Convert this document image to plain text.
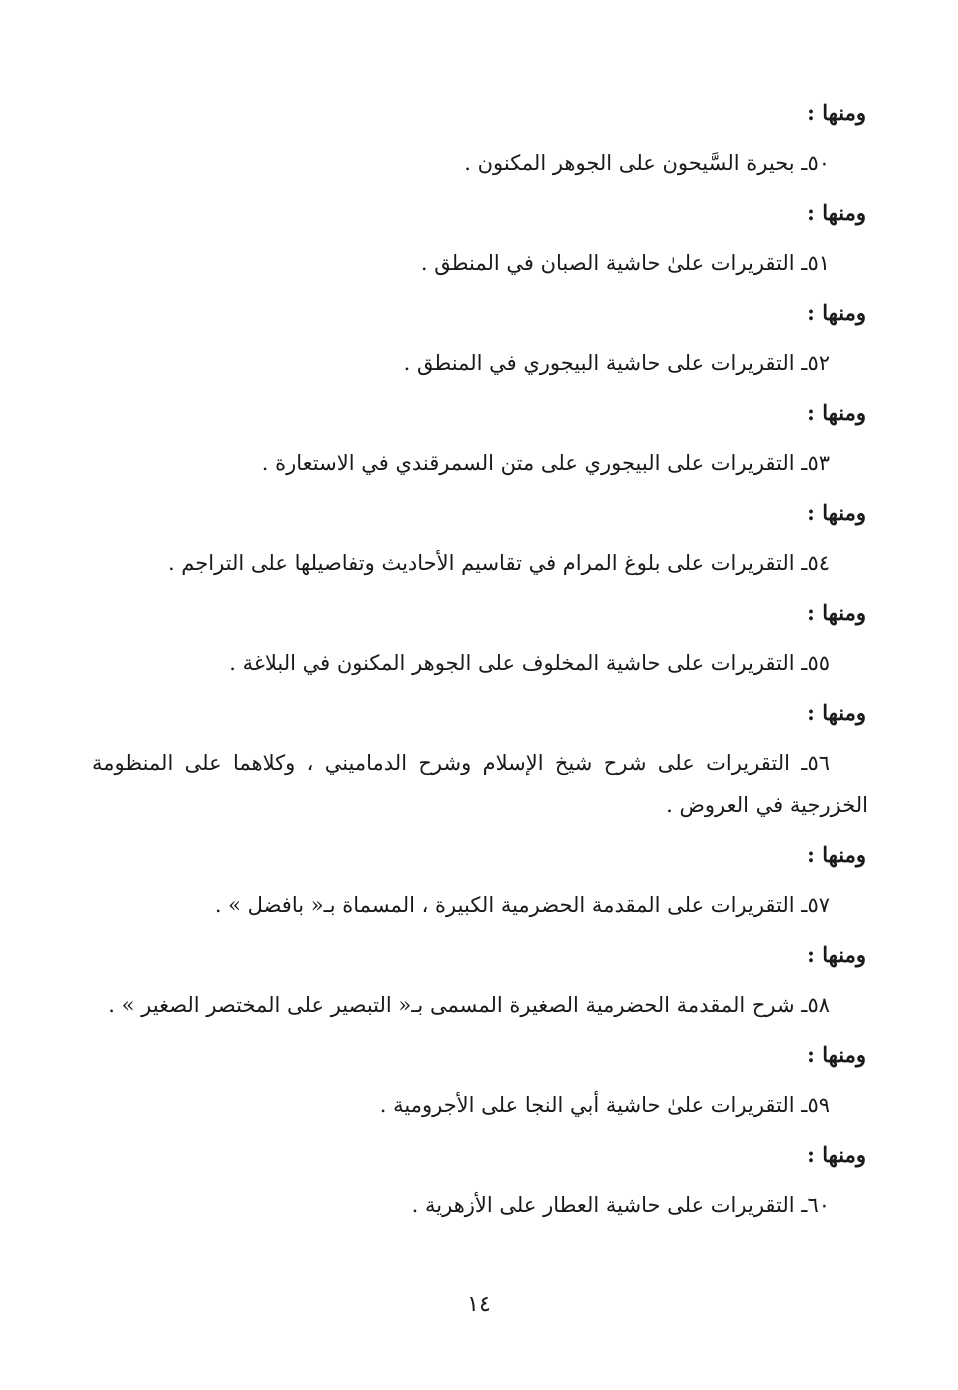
ومنها :
٥٠ـ بحيرة السَّيحون على الجوهر المكنون .
ومنها :
٥١ـ التقريرات علىٰ حاشية الصبان في المنطق .
ومنها :
٥٢ـ التقريرات على حاشية البيجوري في المنطق .
ومنها :
٥٣ـ التقريرات على البيجوري على متن السمرقندي في الاستعارة .
ومنها :
٥٤ـ التقريرات على بلوغ المرام في تقاسيم الأحاديث وتفاصيلها على التراجم .
ومنها :
٥٥ـ التقريرات على حاشية المخلوف على الجوهر المكنون في البلاغة .
ومنها :
٥٦ـ التقريرات على شرح شيخ الإسلام وشرح الدماميني ، وكلاهما على المنظومة الخزرجية في العروض .
ومنها :
٥٧ـ التقريرات على المقدمة الحضرمية الكبيرة ، المسماة بـ« بافضل » .
ومنها :
٥٨ـ شرح المقدمة الحضرمية الصغيرة المسمى بـ« التبصير على المختصر الصغير » .
ومنها :
٥٩ـ التقريرات علىٰ حاشية أبي النجا على الأجرومية .
ومنها :
٦٠ـ التقريرات على حاشية العطار على الأزهرية .
١٤
